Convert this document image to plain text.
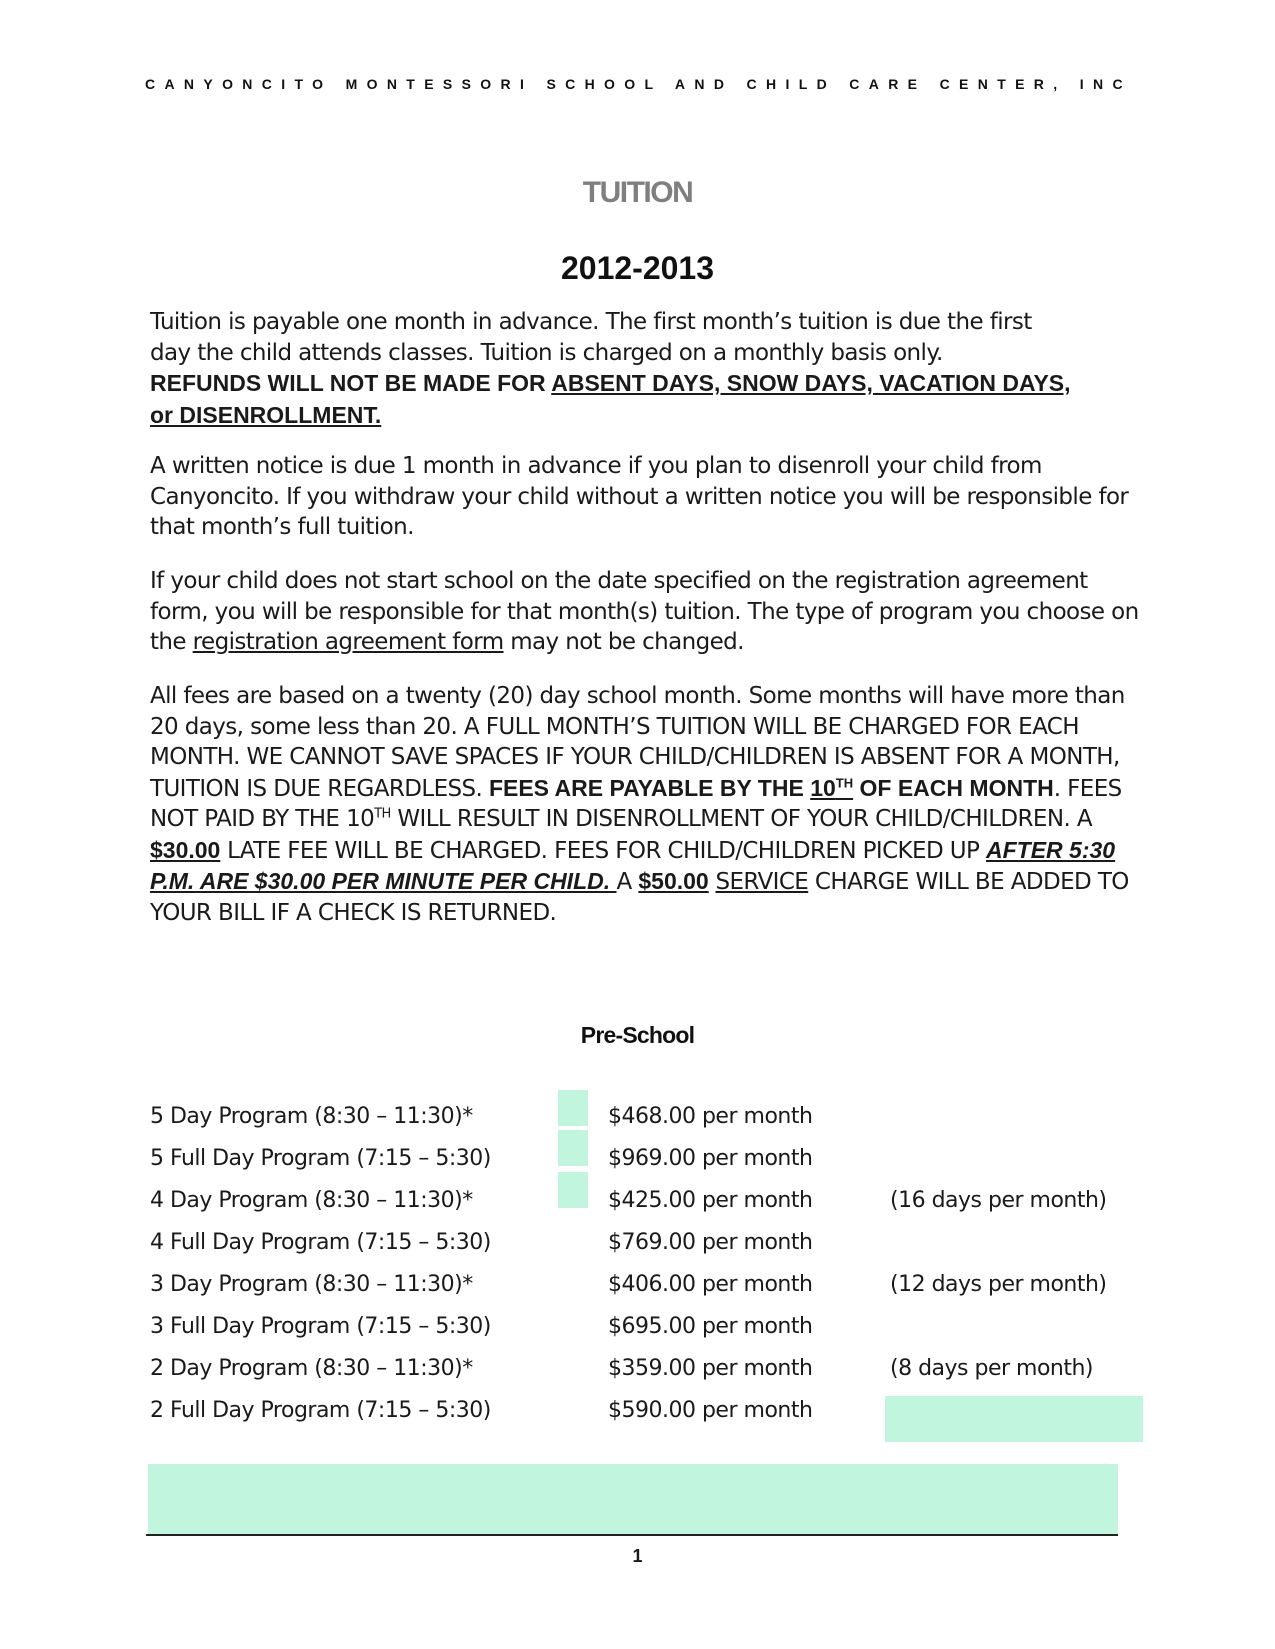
CANYONCITO MONTESSORI SCHOOL AND CHILD CARE CENTER, INC
TUITION
2012-2013
Tuition is payable one month in advance. The first month’s tuition is due the first
day the child attends classes. Tuition is charged on a monthly basis only.
REFUNDS WILL NOT BE MADE FOR ABSENT DAYS, SNOW DAYS, VACATION DAYS,
or DISENROLLMENT.
A written notice is due 1 month in advance if you plan to disenroll your child from Canyoncito. If you withdraw your child without a written notice you will be responsible for that month’s full tuition.
If your child does not start school on the date specified on the registration agreement form, you will be responsible for that month(s) tuition. The type of program you choose on the registration agreement form may not be changed.
All fees are based on a twenty (20) day school month. Some months will have more than 20 days, some less than 20. A FULL MONTH’S TUITION WILL BE CHARGED FOR EACH MONTH. WE CANNOT SAVE SPACES IF YOUR CHILD/CHILDREN IS ABSENT FOR A MONTH, TUITION IS DUE REGARDLESS. FEES ARE PAYABLE BY THE 10TH OF EACH MONTH. FEES NOT PAID BY THE 10TH WILL RESULT IN DISENROLLMENT OF YOUR CHILD/CHILDREN. A $30.00 LATE FEE WILL BE CHARGED. FEES FOR CHILD/CHILDREN PICKED UP AFTER 5:30 P.M. ARE $30.00 PER MINUTE PER CHILD. A $50.00 SERVICE CHARGE WILL BE ADDED TO YOUR BILL IF A CHECK IS RETURNED.
Pre-School
5 Day Program (8:30 – 11:30)*	$468.00 per month
5 Full Day Program (7:15 – 5:30)	$969.00 per month
4 Day Program (8:30 – 11:30)*	$425.00 per month	(16 days per month)
4 Full Day Program (7:15 – 5:30)	$769.00 per month
3 Day Program (8:30 – 11:30)*	$406.00 per month	(12 days per month)
3 Full Day Program (7:15 – 5:30)	$695.00 per month
2 Day Program (8:30 – 11:30)*	$359.00 per month	(8 days per month)
2 Full Day Program (7:15 – 5:30)	$590.00 per month
1
